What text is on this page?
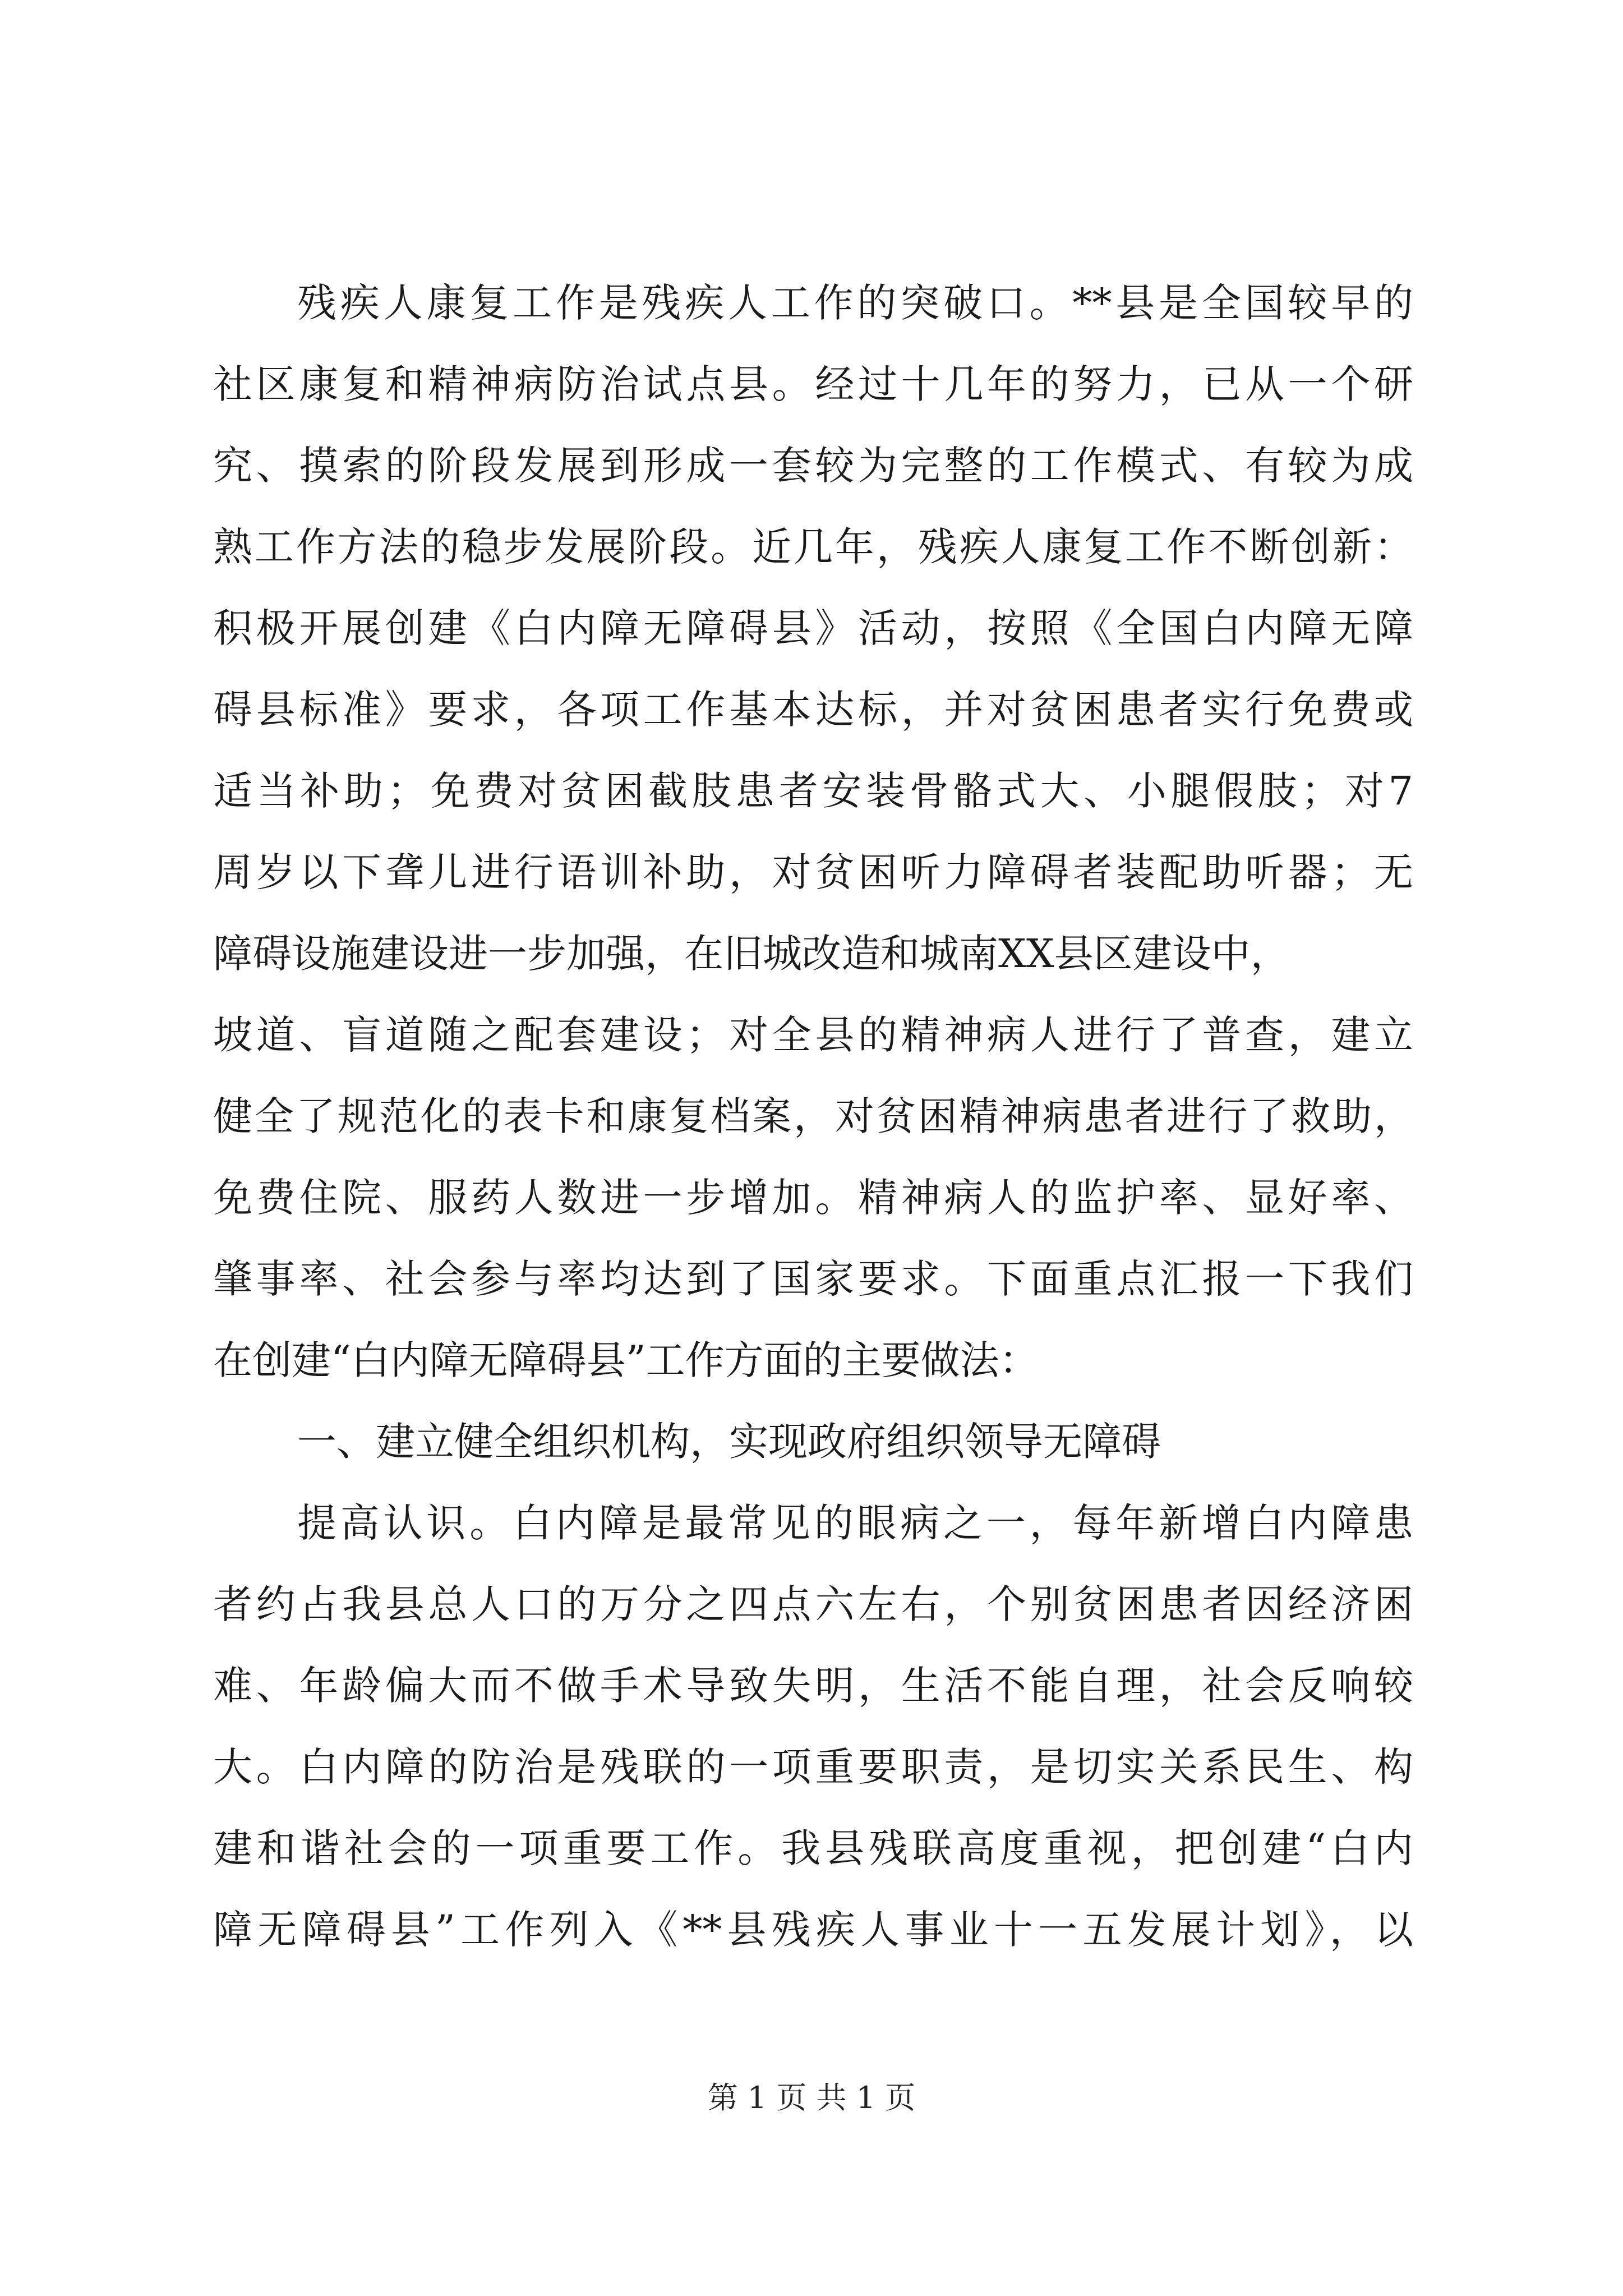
残疾人康复工作是残疾人工作的突破口。**县是全国较早的
社区康复和精神病防治试点县。经过十几年的努力，已从一个研
究、摸索的阶段发展到形成一套较为完整的工作模式、有较为成
熟工作方法的稳步发展阶段。近几年，残疾人康复工作不断创新：
积极开展创建《白内障无障碍县》活动，按照《全国白内障无障
碍县标准》要求，各项工作基本达标，并对贫困患者实行免费或
适当补助；免费对贫困截肢患者安装骨骼式大、小腿假肢；对7
周岁以下聋儿进行语训补助，对贫困听力障碍者装配助听器；无
障碍设施建设进一步加强，在旧城改造和城南XX县区建设中，
坡道、盲道随之配套建设；对全县的精神病人进行了普查，建立
健全了规范化的表卡和康复档案，对贫困精神病患者进行了救助，
免费住院、服药人数进一步增加。精神病人的监护率、显好率、
肇事率、社会参与率均达到了国家要求。下面重点汇报一下我们
在创建“白内障无障碍县”工作方面的主要做法：
一、建立健全组织机构，实现政府组织领导无障碍
提高认识。白内障是最常见的眼病之一，每年新增白内障患
者约占我县总人口的万分之四点六左右，个别贫困患者因经济困
难、年龄偏大而不做手术导致失明，生活不能自理，社会反响较
大。白内障的防治是残联的一项重要职责，是切实关系民生、构
建和谐社会的一项重要工作。我县残联高度重视，把创建“白内
障无障碍县”工作列入《**县残疾人事业十一五发展计划》，以
第 1 页 共 1 页
